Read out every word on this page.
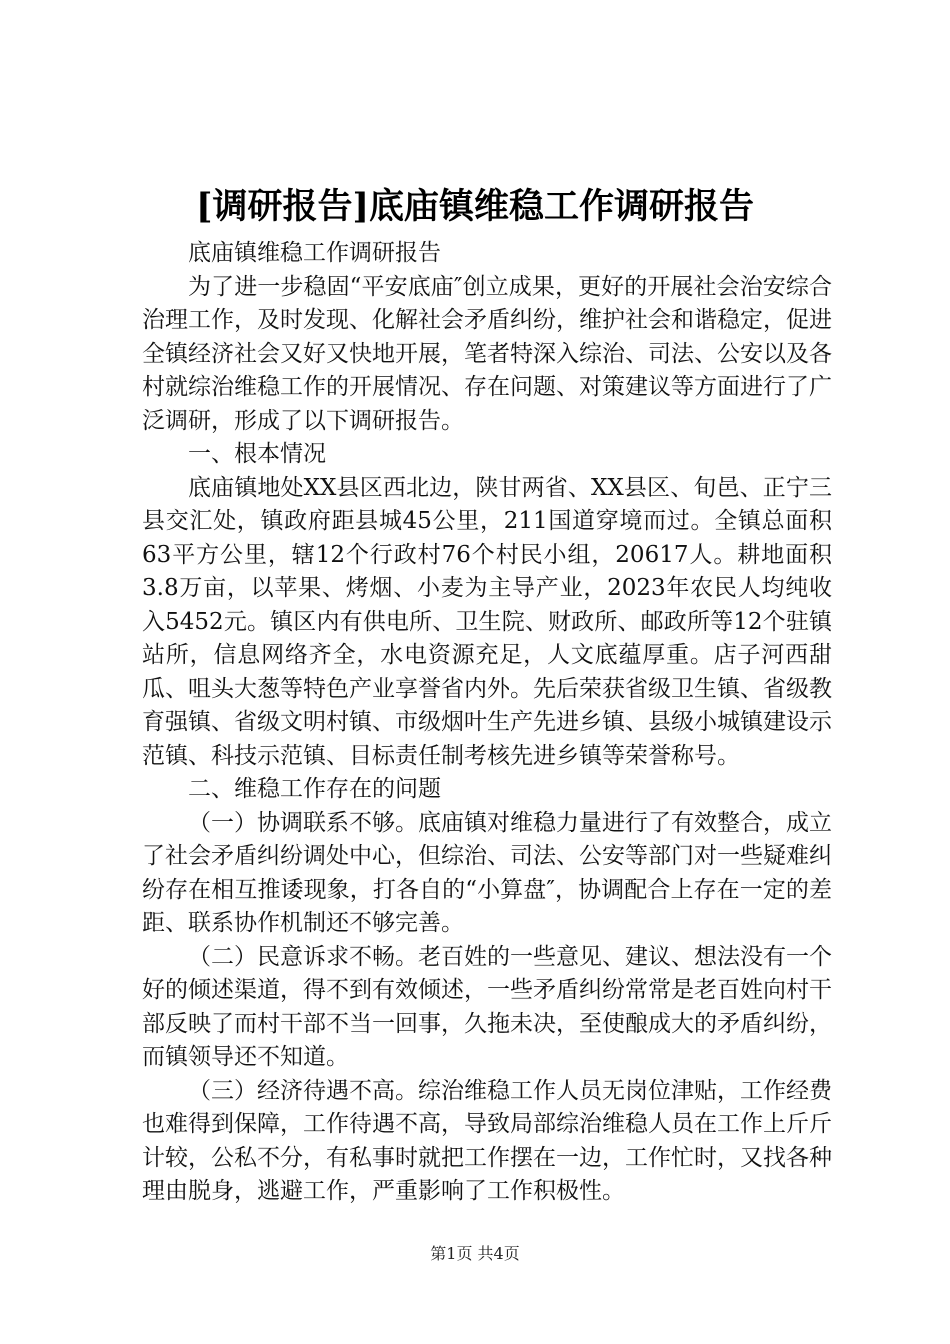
[调研报告]底庙镇维稳工作调研报告

底庙镇维稳工作调研报告

为了进一步稳固“平安底庙″创立成果，更好的开展社会治安综合治理工作，及时发现、化解社会矛盾纠纷，维护社会和谐稳定，促进全镇经济社会又好又快地开展，笔者特深入综治、司法、公安以及各村就综治维稳工作的开展情况、存在问题、对策建议等方面进行了广泛调研，形成了以下调研报告。

一、根本情况

底庙镇地处XX县区西北边，陕甘两省、XX县区、旬邑、正宁三县交汇处，镇政府距县城45公里，211国道穿境而过。全镇总面积63平方公里，辖12个行政村76个村民小组，20617人。耕地面积3.8万亩，以苹果、烤烟、小麦为主导产业，2023年农民人均纯收入5452元。镇区内有供电所、卫生院、财政所、邮政所等12个驻镇站所，信息网络齐全，水电资源充足，人文底蕴厚重。店子河西甜瓜、咀头大葱等特色产业享誉省内外。先后荣获省级卫生镇、省级教育强镇、省级文明村镇、市级烟叶生产先进乡镇、县级小城镇建设示范镇、科技示范镇、目标责任制考核先进乡镇等荣誉称号。

二、维稳工作存在的问题

（一）协调联系不够。底庙镇对维稳力量进行了有效整合，成立了社会矛盾纠纷调处中心，但综治、司法、公安等部门对一些疑难纠纷存在相互推诿现象，打各自的“小算盘″，协调配合上存在一定的差距、联系协作机制还不够完善。

（二）民意诉求不畅。老百姓的一些意见、建议、想法没有一个好的倾述渠道，得不到有效倾述，一些矛盾纠纷常常是老百姓向村干部反映了而村干部不当一回事，久拖未决，至使酿成大的矛盾纠纷，而镇领导还不知道。

（三）经济待遇不高。综治维稳工作人员无岗位津贴，工作经费也难得到保障，工作待遇不高，导致局部综治维稳人员在工作上斤斤计较，公私不分，有私事时就把工作摆在一边，工作忙时，又找各种理由脱身，逃避工作，严重影响了工作积极性。

第1页 共4页
